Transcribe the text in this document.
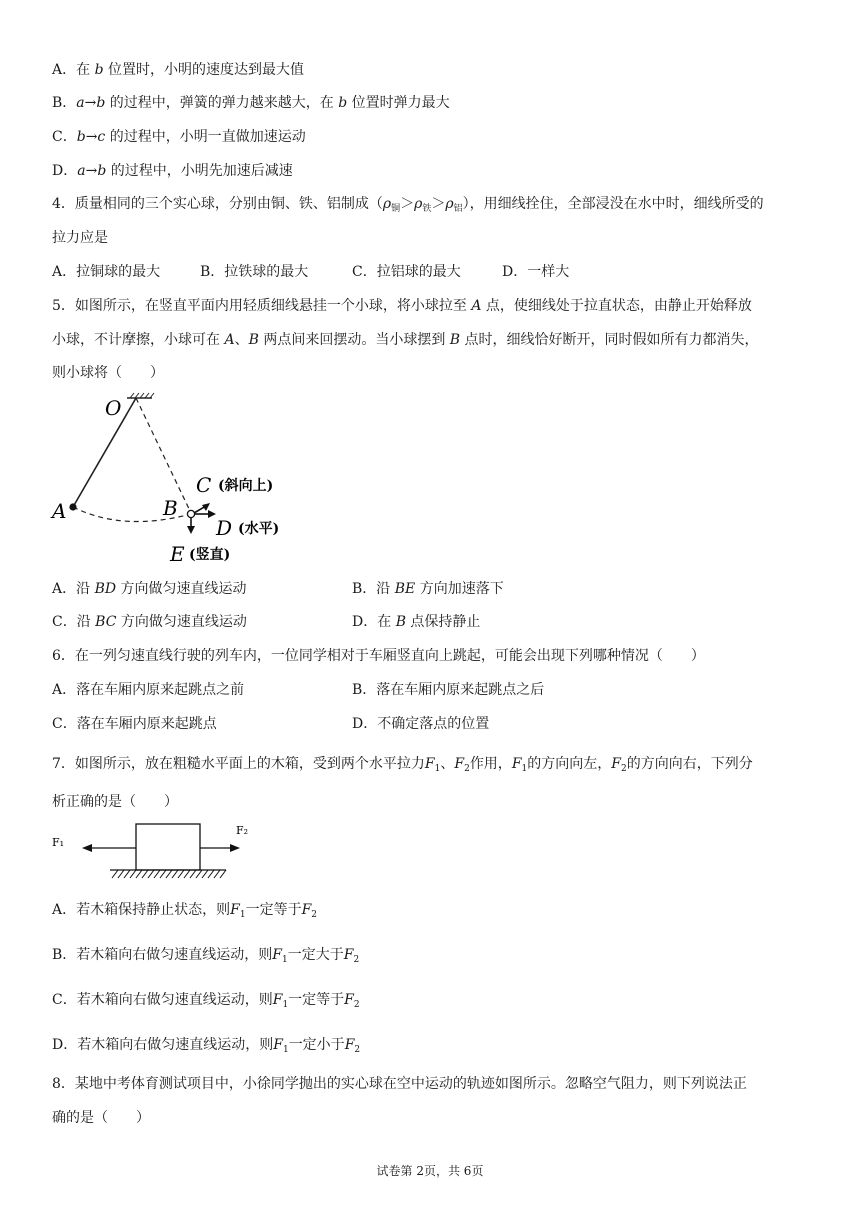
A．在 b 位置时，小明的速度达到最大值
B．a→b 的过程中，弹簧的弹力越来越大，在 b 位置时弹力最大
C．b→c 的过程中，小明一直做加速运动
D．a→b 的过程中，小明先加速后减速
4．质量相同的三个实心球，分别由铜、铁、铝制成$(\rho_铜>\rho_铁>\rho_铝)$，用细线拴住，全部浸没在水中时，细线所受的
拉力应是
A．拉铜球的最大	B．拉铁球的最大	C．拉铝球的最大	D．一样大
5．如图所示，在竖直平面内用轻质细线悬挂一个小球，将小球拉至 A 点，使细线处于拉直状态，由静止开始释放
小球，不计摩擦，小球可在 A、B 两点间来回摆动。当小球摆到 B 点时，细线恰好断开，同时假如所有力都消失，
则小球将（　　）
O
A	B
C (斜向上)
D (水平)
E (竖直)
A．沿 BD 方向做匀速直线运动	B．沿 BE 方向加速落下
C．沿 BC 方向做匀速直线运动	D．在 B 点保持静止
6．在一列匀速直线行驶的列车内，一位同学相对于车厢竖直向上跳起，可能会出现下列哪种情况（　　）
A．落在车厢内原来起跳点之前	B．落在车厢内原来起跳点之后
C．落在车厢内原来起跳点	D．不确定落点的位置
7．如图所示，放在粗糙水平面上的木箱，受到两个水平拉力$F_1$、$F_2$作用，$F_1$的方向向左，$F_2$的方向向右，下列分
析正确的是（　　）
F₁
F₂
A．若木箱保持静止状态，则$F_1$一定等于$F_2$
B．若木箱向右做匀速直线运动，则$F_1$一定大于$F_2$
C．若木箱向右做匀速直线运动，则$F_1$一定等于$F_2$
D．若木箱向右做匀速直线运动，则$F_1$一定小于$F_2$
8．某地中考体育测试项目中，小徐同学抛出的实心球在空中运动的轨迹如图所示。忽略空气阻力，则下列说法正
确的是（　　）
试卷第 2页，共 6页
